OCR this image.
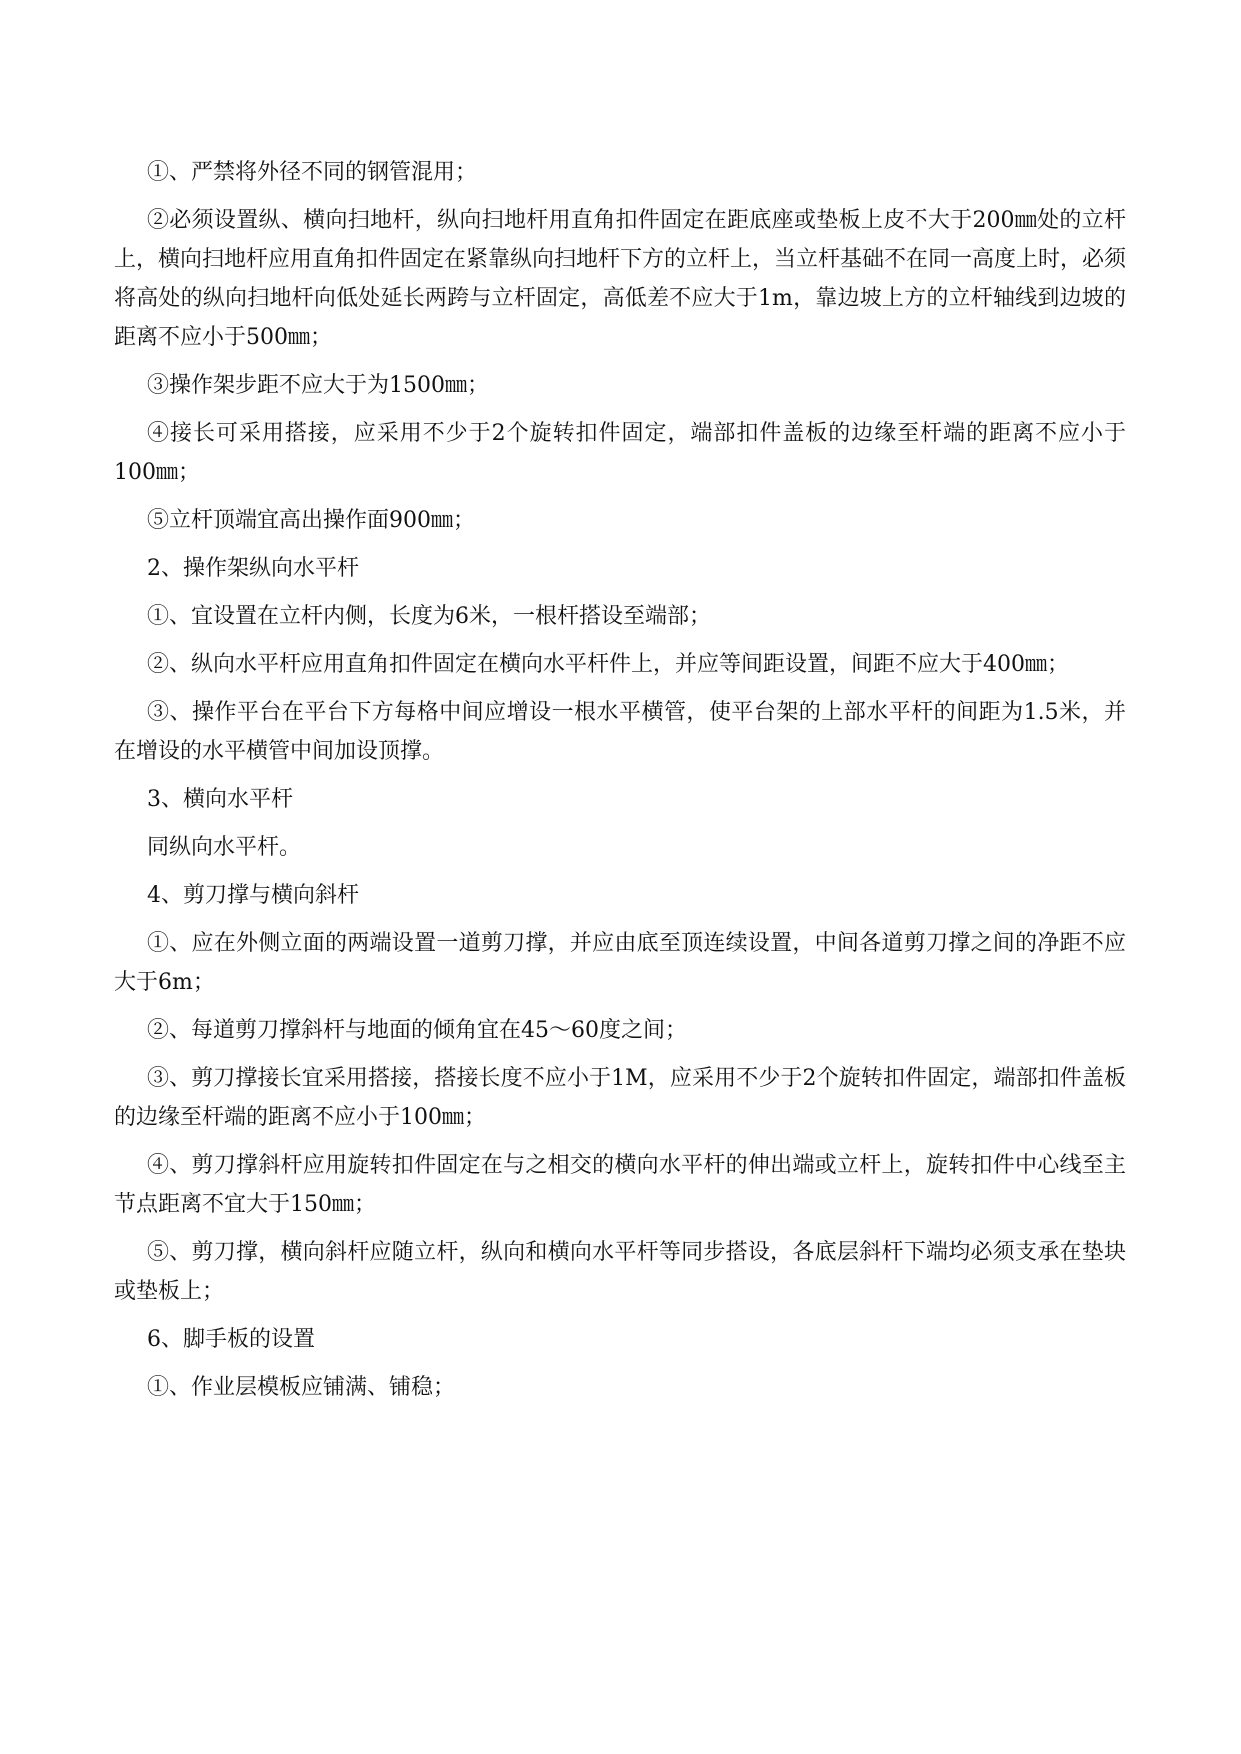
①、严禁将外径不同的钢管混用；

②必须设置纵、横向扫地杆，纵向扫地杆用直角扣件固定在距底座或垫板上皮不大于200㎜处的立杆上，横向扫地杆应用直角扣件固定在紧靠纵向扫地杆下方的立杆上，当立杆基础不在同一高度上时，必须将高处的纵向扫地杆向低处延长两跨与立杆固定，高低差不应大于1m，靠边坡上方的立杆轴线到边坡的距离不应小于500㎜；

③操作架步距不应大于为1500㎜；

④接长可采用搭接，应采用不少于2个旋转扣件固定，端部扣件盖板的边缘至杆端的距离不应小于100㎜；

⑤立杆顶端宜高出操作面900㎜；

2、操作架纵向水平杆

①、宜设置在立杆内侧，长度为6米，一根杆搭设至端部；

②、纵向水平杆应用直角扣件固定在横向水平杆件上，并应等间距设置，间距不应大于400㎜；

③、操作平台在平台下方每格中间应增设一根水平横管，使平台架的上部水平杆的间距为1.5米，并在增设的水平横管中间加设顶撑。

3、横向水平杆

同纵向水平杆。

4、剪刀撑与横向斜杆

①、应在外侧立面的两端设置一道剪刀撑，并应由底至顶连续设置，中间各道剪刀撑之间的净距不应大于6m；

②、每道剪刀撑斜杆与地面的倾角宜在45～60度之间；

③、剪刀撑接长宜采用搭接，搭接长度不应小于1M，应采用不少于2个旋转扣件固定，端部扣件盖板的边缘至杆端的距离不应小于100㎜；

④、剪刀撑斜杆应用旋转扣件固定在与之相交的横向水平杆的伸出端或立杆上，旋转扣件中心线至主节点距离不宜大于150㎜；

⑤、剪刀撑，横向斜杆应随立杆，纵向和横向水平杆等同步搭设，各底层斜杆下端均必须支承在垫块或垫板上；

6、脚手板的设置

①、作业层模板应铺满、铺稳；
